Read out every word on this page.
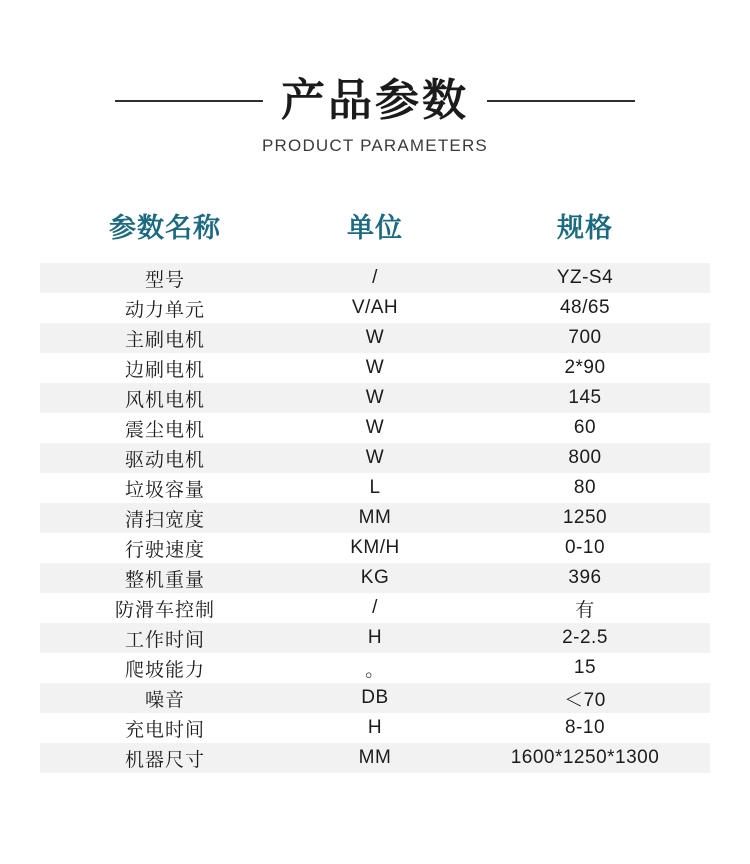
产品参数
PRODUCT PARAMETERS
参数名称	单位	规格
型号	/	YZ-S4
动力单元	V/AH	48/65
主刷电机	W	700
边刷电机	W	2*90
风机电机	W	145
震尘电机	W	60
驱动电机	W	800
垃圾容量	L	80
清扫宽度	MM	1250
行驶速度	KM/H	0-10
整机重量	KG	396
防滑车控制	/	有
工作时间	H	2-2.5
爬坡能力	。	15
噪音	DB	＜70
充电时间	H	8-10
机器尺寸	MM	1600*1250*1300
